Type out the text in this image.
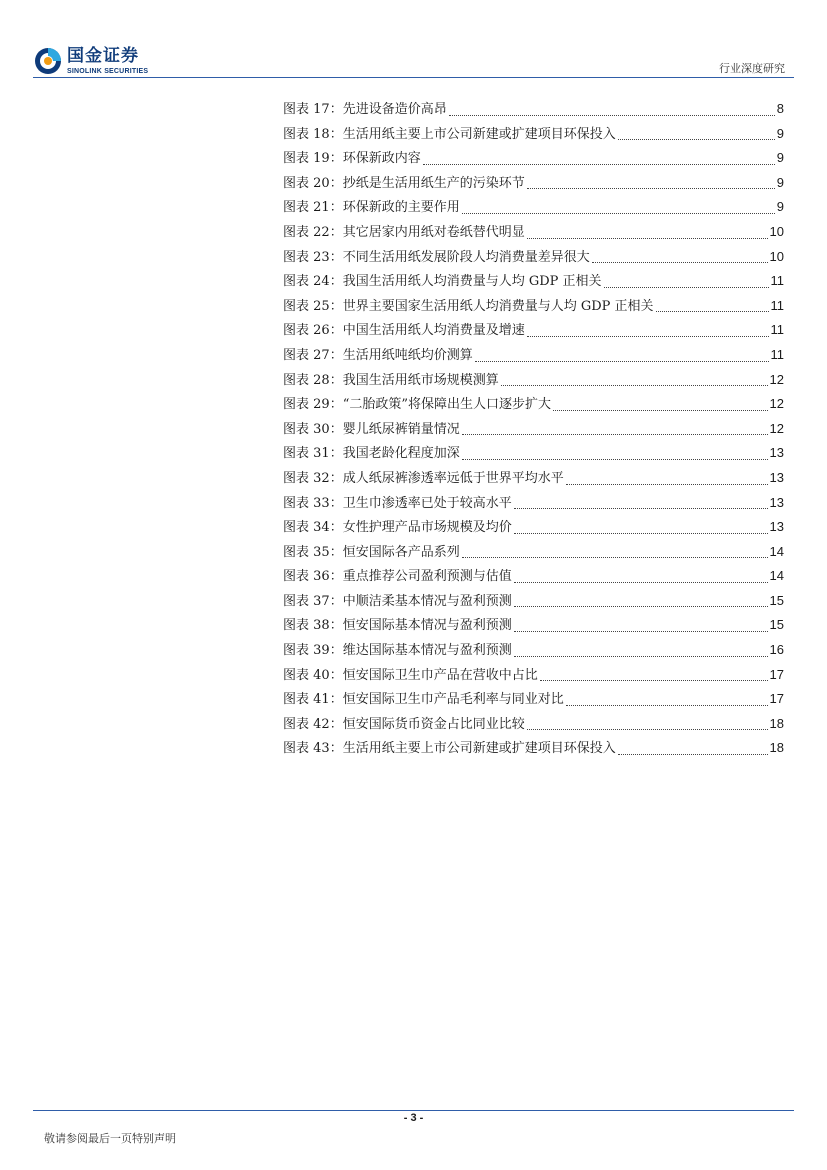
国金证券
SINOLINK SECURITIES	行业深度研究
图表 17 ： 先进设备造价高昂	8
图表 18 ： 生活用纸主要上市公司新建或扩建项目环保投入	9
图表 19 ： 环保新政内容	9
图表 20 ： 抄纸是生活用纸生产的污染环节	9
图表 21 ： 环保新政的主要作用	9
图表 22 ： 其它居家内用纸对卷纸替代明显	10
图表 23 ： 不同生活用纸发展阶段人均消费量差异很大	10
图表 24 ： 我国生活用纸人均消费量与人均 GDP 正相关	11
图表 25 ： 世界主要国家生活用纸人均消费量与人均 GDP 正相关	11
图表 26 ： 中国生活用纸人均消费量及增速	11
图表 27 ： 生活用纸吨纸均价测算	11
图表 28 ： 我国生活用纸市场规模测算	12
图表 29 ： “二胎政策”将保障出生人口逐步扩大	12
图表 30 ： 婴儿纸尿裤销量情况	12
图表 31 ： 我国老龄化程度加深	13
图表 32 ： 成人纸尿裤渗透率远低于世界平均水平	13
图表 33 ： 卫生巾渗透率已处于较高水平	13
图表 34 ： 女性护理产品市场规模及均价	13
图表 35 ： 恒安国际各产品系列	14
图表 36 ： 重点推荐公司盈利预测与估值	14
图表 37 ： 中顺洁柔基本情况与盈利预测	15
图表 38 ： 恒安国际基本情况与盈利预测	15
图表 39 ： 维达国际基本情况与盈利预测	16
图表 40 ： 恒安国际卫生巾产品在营收中占比	17
图表 41 ： 恒安国际卫生巾产品毛利率与同业对比	17
图表 42 ： 恒安国际货币资金占比同业比较	18
图表 43 ： 生活用纸主要上市公司新建或扩建项目环保投入	18
- 3 -
敬请参阅最后一页特别声明
